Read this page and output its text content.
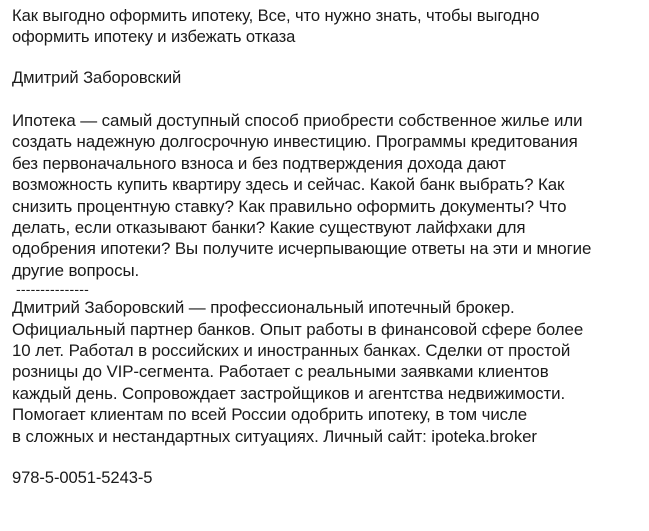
Как выгодно оформить ипотеку, Все, что нужно знать, чтобы выгодно
оформить ипотеку и избежать отказа
Дмитрий Заборовский
Ипотека — самый доступный способ приобрести собственное жилье или
создать надежную долгосрочную инвестицию. Программы кредитования
без первоначального взноса и без подтверждения дохода дают
возможность купить квартиру здесь и сейчас. Какой банк выбрать? Как
снизить процентную ставку? Как правильно оформить документы? Что
делать, если отказывают банки? Какие существуют лайфхаки для
одобрения ипотеки? Вы получите исчерпывающие ответы на эти и многие
другие вопросы.
---------------
Дмитрий Заборовский — профессиональный ипотечный брокер.
Официальный партнер банков. Опыт работы в финансовой сфере более
10 лет. Работал в российских и иностранных банках. Сделки от простой
розницы до VIP-сегмента. Работает с реальными заявками клиентов
каждый день. Сопровождает застройщиков и агентства недвижимости.
Помогает клиентам по всей России одобрить ипотеку, в том числе
в сложных и нестандартных ситуациях. Личный сайт: ipoteka.broker
978-5-0051-5243-5
